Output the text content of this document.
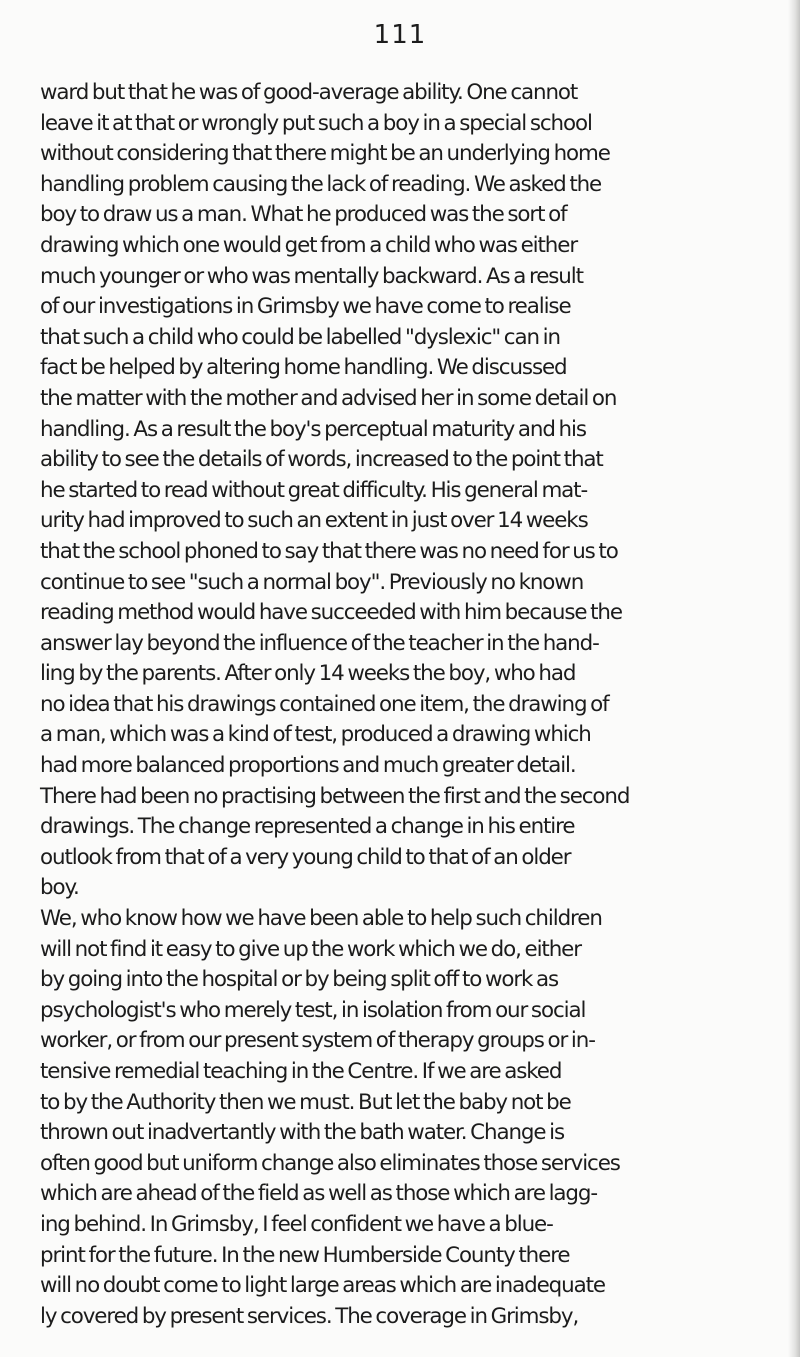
111
ward but that he was of good-average ability. One cannot
leave it at that or wrongly put such a boy in a special school
without considering that there might be an underlying home
handling problem causing the lack of reading. We asked the
boy to draw us a man. What he produced was the sort of
drawing which one would get from a child who was either
much younger or who was mentally backward. As a result
of our investigations in Grimsby we have come to realise
that such a child who could be labelled "dyslexic" can in
fact be helped by altering home handling. We discussed
the matter with the mother and advised her in some detail on
handling. As a result the boy's perceptual maturity and his
ability to see the details of words, increased to the point that
he started to read without great difficulty. His general mat-
urity had improved to such an extent in just over 14 weeks
that the school phoned to say that there was no need for us to
continue to see "such a normal boy". Previously no known
reading method would have succeeded with him because the
answer lay beyond the influence of the teacher in the hand-
ling by the parents. After only 14 weeks the boy, who had
no idea that his drawings contained one item, the drawing of
a man, which was a kind of test, produced a drawing which
had more balanced proportions and much greater detail.
There had been no practising between the first and the second
drawings. The change represented a change in his entire
outlook from that of a very young child to that of an older
boy.
We, who know how we have been able to help such children
will not find it easy to give up the work which we do, either
by going into the hospital or by being split off to work as
psychologist's who merely test, in isolation from our social
worker, or from our present system of therapy groups or in-
tensive remedial teaching in the Centre. If we are asked
to by the Authority then we must. But let the baby not be
thrown out inadvertantly with the bath water. Change is
often good but uniform change also eliminates those services
which are ahead of the field as well as those which are lagg-
ing behind. In Grimsby, I feel confident we have a blue-
print for the future. In the new Humberside County there
will no doubt come to light large areas which are inadequate
ly covered by present services. The coverage in Grimsby,
